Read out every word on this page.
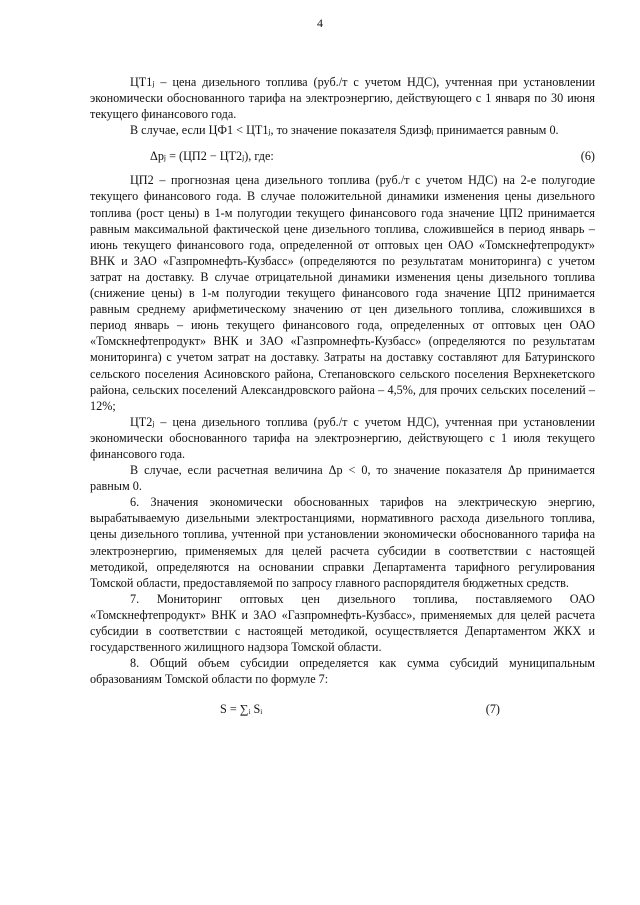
4

ЦТ1ⱼ – цена дизельного топлива (руб./т с учетом НДС), учтенная при установлении экономически обоснованного тарифа на электроэнергию, действующего с 1 января по 30 июня текущего финансового года.

В случае, если ЦФ1 < ЦТ1ⱼ, то значение показателя Sдизфᵢ принимается равным 0.

Δpⱼ = (ЦП2 − ЦТ2ⱼ), где:	(6)

ЦП2 – прогнозная цена дизельного топлива (руб./т с учетом НДС) на 2-е полугодие текущего финансового года. В случае положительной динамики изменения цены дизельного топлива (рост цены) в 1-м полугодии текущего финансового года значение ЦП2 принимается равным максимальной фактической цене дизельного топлива, сложившейся в период январь – июнь текущего финансового года, определенной от оптовых цен ОАО «Томскнефтепродукт» ВНК и ЗАО «Газпромнефть-Кузбасс» (определяются по результатам мониторинга) с учетом затрат на доставку. В случае отрицательной динамики изменения цены дизельного топлива (снижение цены) в 1-м полугодии текущего финансового года значение ЦП2 принимается равным среднему арифметическому значению от цен дизельного топлива, сложившихся в период январь – июнь текущего финансового года, определенных от оптовых цен ОАО «Томскнефтепродукт» ВНК и ЗАО «Газпромнефть-Кузбасс» (определяются по результатам мониторинга) с учетом затрат на доставку. Затраты на доставку составляют для Батуринского сельского поселения Асиновского района, Степановского сельского поселения Верхнекетского района, сельских поселений Александровского района – 4,5%, для прочих сельских поселений – 12%;

ЦТ2ⱼ – цена дизельного топлива (руб./т с учетом НДС), учтенная при установлении экономически обоснованного тарифа на электроэнергию, действующего с 1 июля текущего финансового года.

В случае, если расчетная величина Δp < 0, то значение показателя Δp принимается равным 0.

6. Значения экономически обоснованных тарифов на электрическую энергию, вырабатываемую дизельными электростанциями, нормативного расхода дизельного топлива, цены дизельного топлива, учтенной при установлении экономически обоснованного тарифа на электроэнергию, применяемых для целей расчета субсидии в соответствии с настоящей методикой, определяются на основании справки Департамента тарифного регулирования Томской области, предоставляемой по запросу главного распорядителя бюджетных средств.

7. Мониторинг оптовых цен дизельного топлива, поставляемого ОАО «Томскнефтепродукт» ВНК и ЗАО «Газпромнефть-Кузбасс», применяемых для целей расчета субсидии в соответствии с настоящей методикой, осуществляется Департаментом ЖКХ и государственного жилищного надзора Томской области.

8. Общий объем субсидии определяется как сумма субсидий муниципальным образованиям Томской области по формуле 7:

S = ∑ᵢ Sᵢ	(7)
